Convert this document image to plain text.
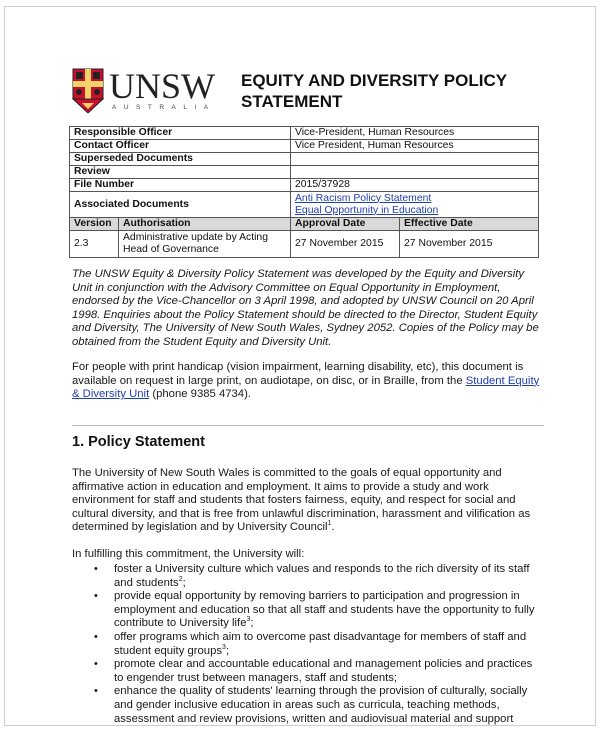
UNSW
AUSTRALIA
EQUITY AND DIVERSITY POLICY
STATEMENT
Responsible Officer		Vice-President, Human Resources	
Contact Officer		Vice President, Human Resources	
Superseded Documents			
Review			
File Number		2015/37928	
Associated Documents		Anti Racism Policy Statement
Equal Opportunity in Education	

Version	Authorisation	Approval Date	Effective Date
2.3	Administrative update by Acting Head of Governance	27 November 2015	27 November 2015
The UNSW Equity & Diversity Policy Statement was developed by the Equity and Diversity Unit in conjunction with the Advisory Committee on Equal Opportunity in Employment, endorsed by the Vice-Chancellor on 3 April 1998, and adopted by UNSW Council on 20 April 1998. Enquiries about the Policy Statement should be directed to the Director, Student Equity and Diversity, The University of New South Wales, Sydney 2052. Copies of the Policy may be obtained from the Student Equity and Diversity Unit.
For people with print handicap (vision impairment, learning disability, etc), this document is available on request in large print, on audiotape, on disc, or in Braille, from the Student Equity & Diversity Unit (phone 9385 4734).
1. Policy Statement
The University of New South Wales is committed to the goals of equal opportunity and affirmative action in education and employment. It aims to provide a study and work environment for staff and students that fosters fairness, equity, and respect for social and cultural diversity, and that is free from unlawful discrimination, harassment and vilification as determined by legislation and by University Council$^1$.
In fulfilling this commitment, the University will:
• foster a University culture which values and responds to the rich diversity of its staff and students$^2$;
• provide equal opportunity by removing barriers to participation and progression in employment and education so that all staff and students have the opportunity to fully contribute to University life$^3$;
• offer programs which aim to overcome past disadvantage for members of staff and student equity groups$^3$;
• promote clear and accountable educational and management policies and practices to engender trust between managers, staff and students;
• enhance the quality of students' learning through the provision of culturally, socially and gender inclusive education in areas such as curricula, teaching methods, assessment and review provisions, written and audiovisual material and support
